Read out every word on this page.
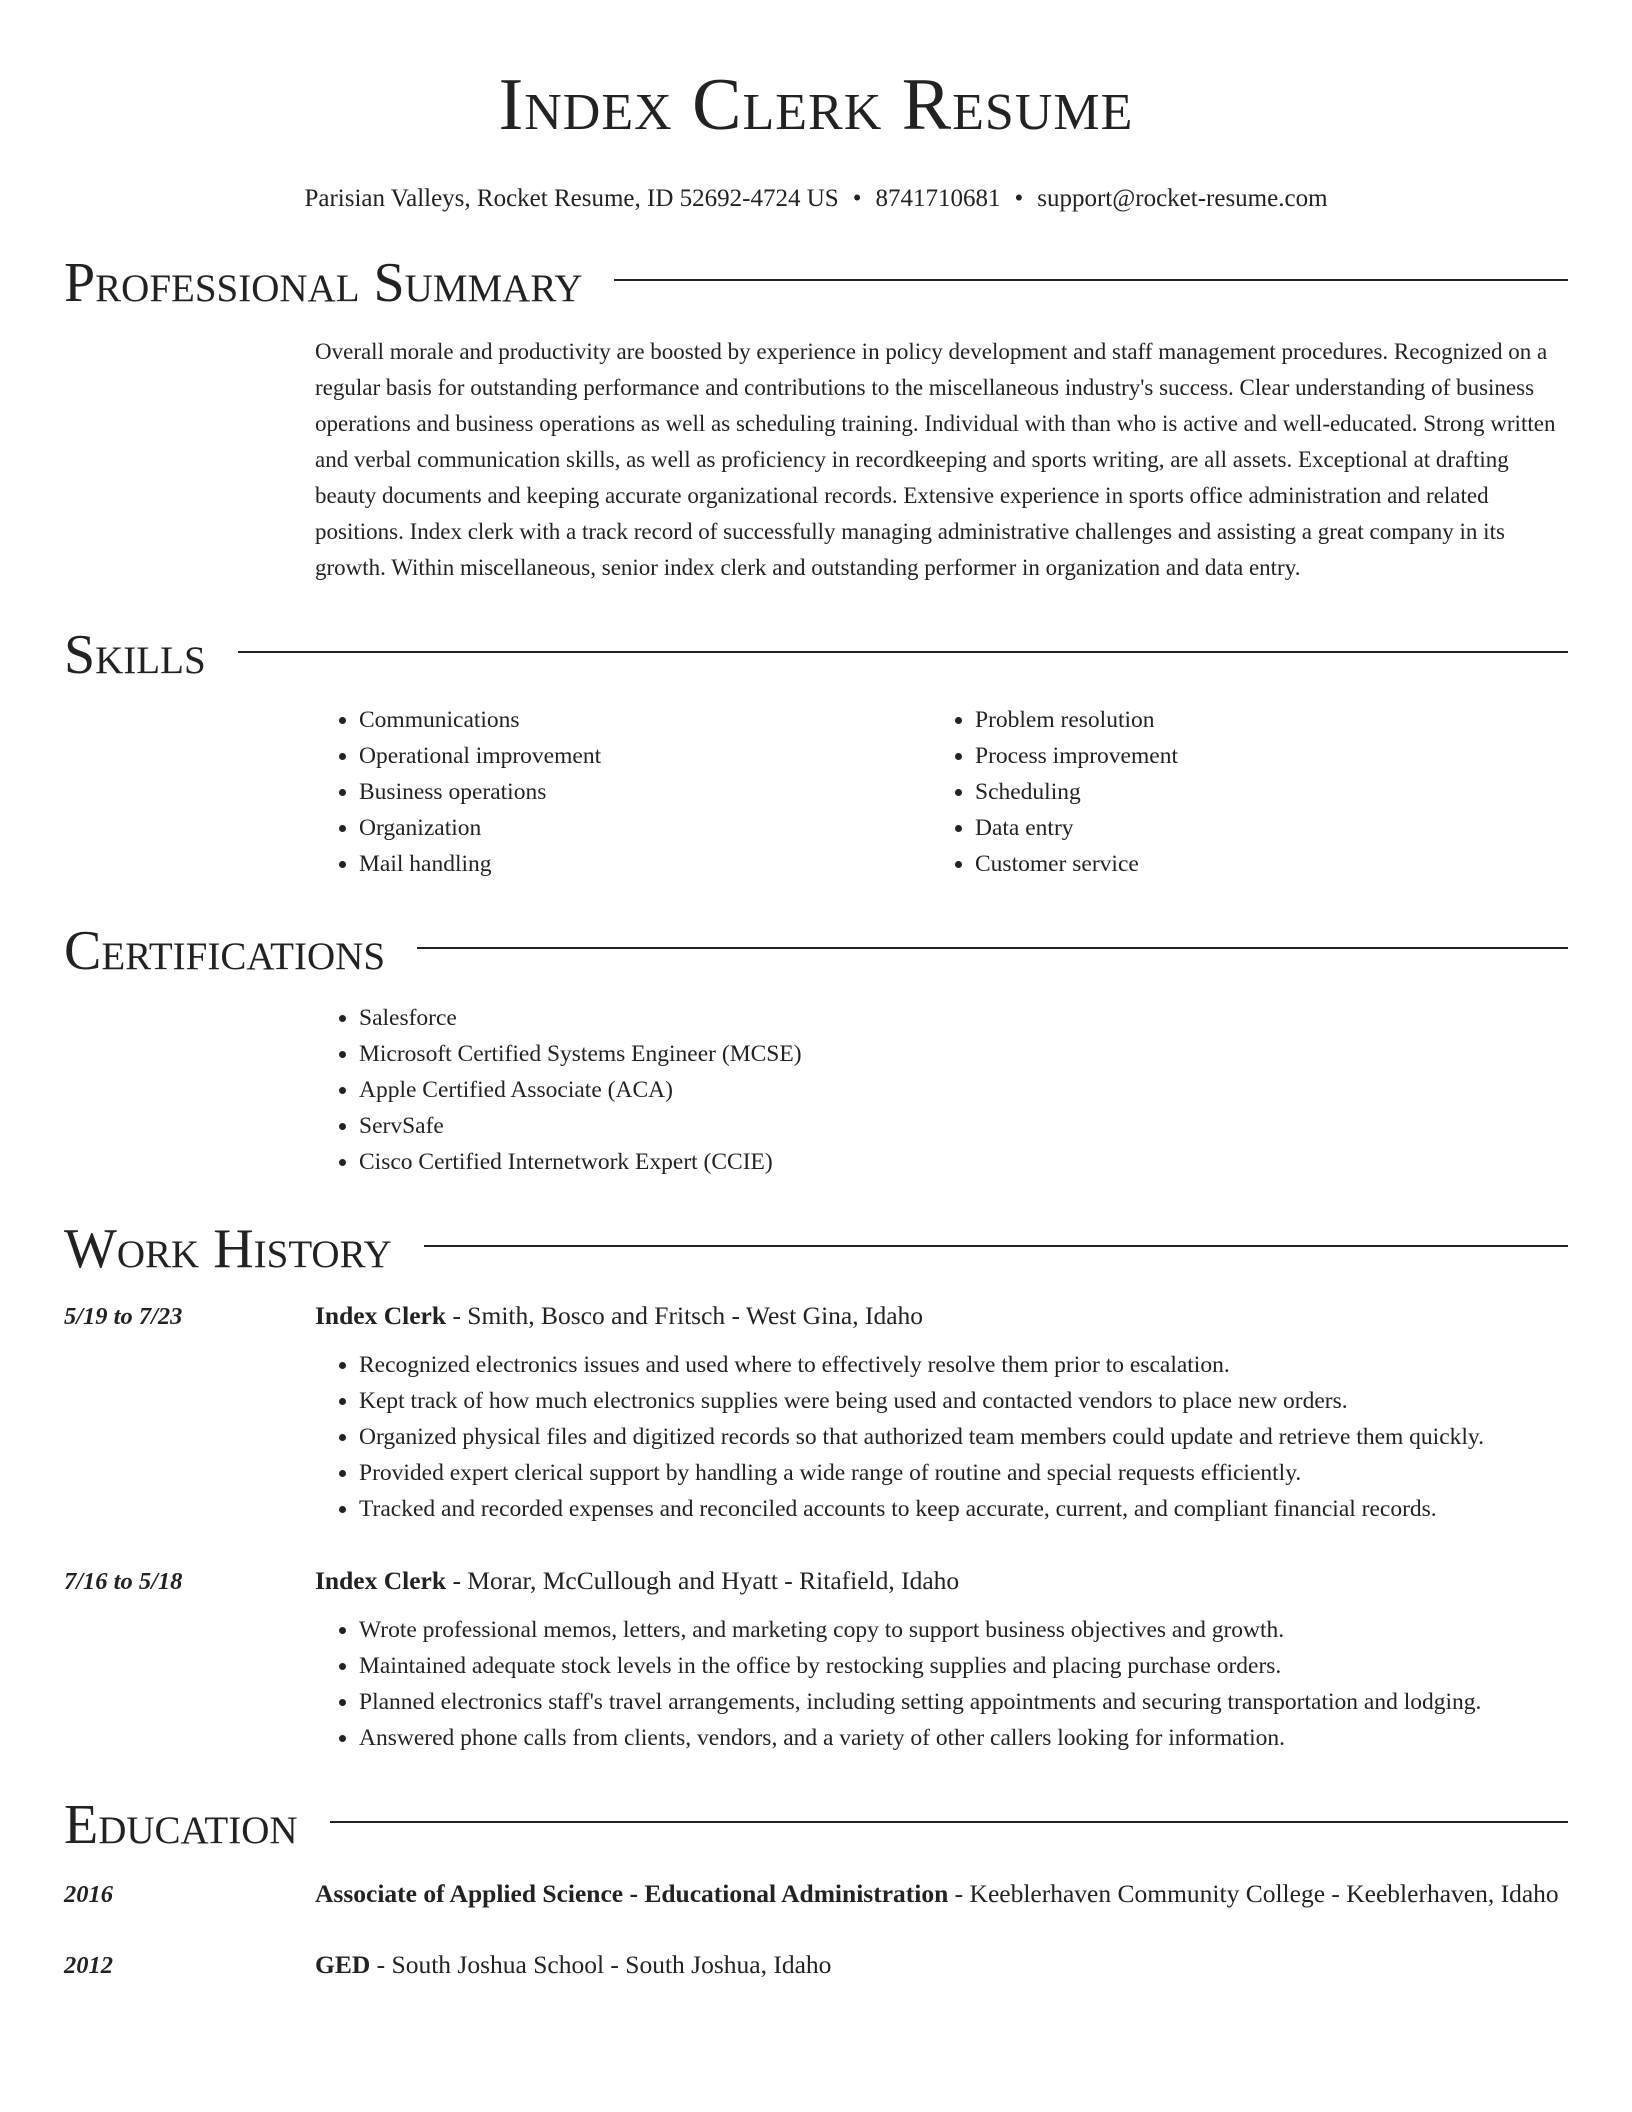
Index Clerk Resume
Parisian Valleys, Rocket Resume, ID 52692-4724 US • 8741710681 • support@rocket-resume.com
Professional Summary
Overall morale and productivity are boosted by experience in policy development and staff management procedures. Recognized on a regular basis for outstanding performance and contributions to the miscellaneous industry's success. Clear understanding of business operations and business operations as well as scheduling training. Individual with than who is active and well-educated. Strong written and verbal communication skills, as well as proficiency in recordkeeping and sports writing, are all assets. Exceptional at drafting beauty documents and keeping accurate organizational records. Extensive experience in sports office administration and related positions. Index clerk with a track record of successfully managing administrative challenges and assisting a great company in its growth. Within miscellaneous, senior index clerk and outstanding performer in organization and data entry.
Skills
• Communications
• Operational improvement
• Business operations
• Organization
• Mail handling
• Problem resolution
• Process improvement
• Scheduling
• Data entry
• Customer service
Certifications
• Salesforce
• Microsoft Certified Systems Engineer (MCSE)
• Apple Certified Associate (ACA)
• ServSafe
• Cisco Certified Internetwork Expert (CCIE)
Work History
5/19 to 7/23	Index Clerk - Smith, Bosco and Fritsch - West Gina, Idaho
• Recognized electronics issues and used where to effectively resolve them prior to escalation.
• Kept track of how much electronics supplies were being used and contacted vendors to place new orders.
• Organized physical files and digitized records so that authorized team members could update and retrieve them quickly.
• Provided expert clerical support by handling a wide range of routine and special requests efficiently.
• Tracked and recorded expenses and reconciled accounts to keep accurate, current, and compliant financial records.
7/16 to 5/18	Index Clerk - Morar, McCullough and Hyatt - Ritafield, Idaho
• Wrote professional memos, letters, and marketing copy to support business objectives and growth.
• Maintained adequate stock levels in the office by restocking supplies and placing purchase orders.
• Planned electronics staff's travel arrangements, including setting appointments and securing transportation and lodging.
• Answered phone calls from clients, vendors, and a variety of other callers looking for information.
Education
2016	Associate of Applied Science - Educational Administration - Keeblerhaven Community College - Keeblerhaven, Idaho
2012	GED - South Joshua School - South Joshua, Idaho
